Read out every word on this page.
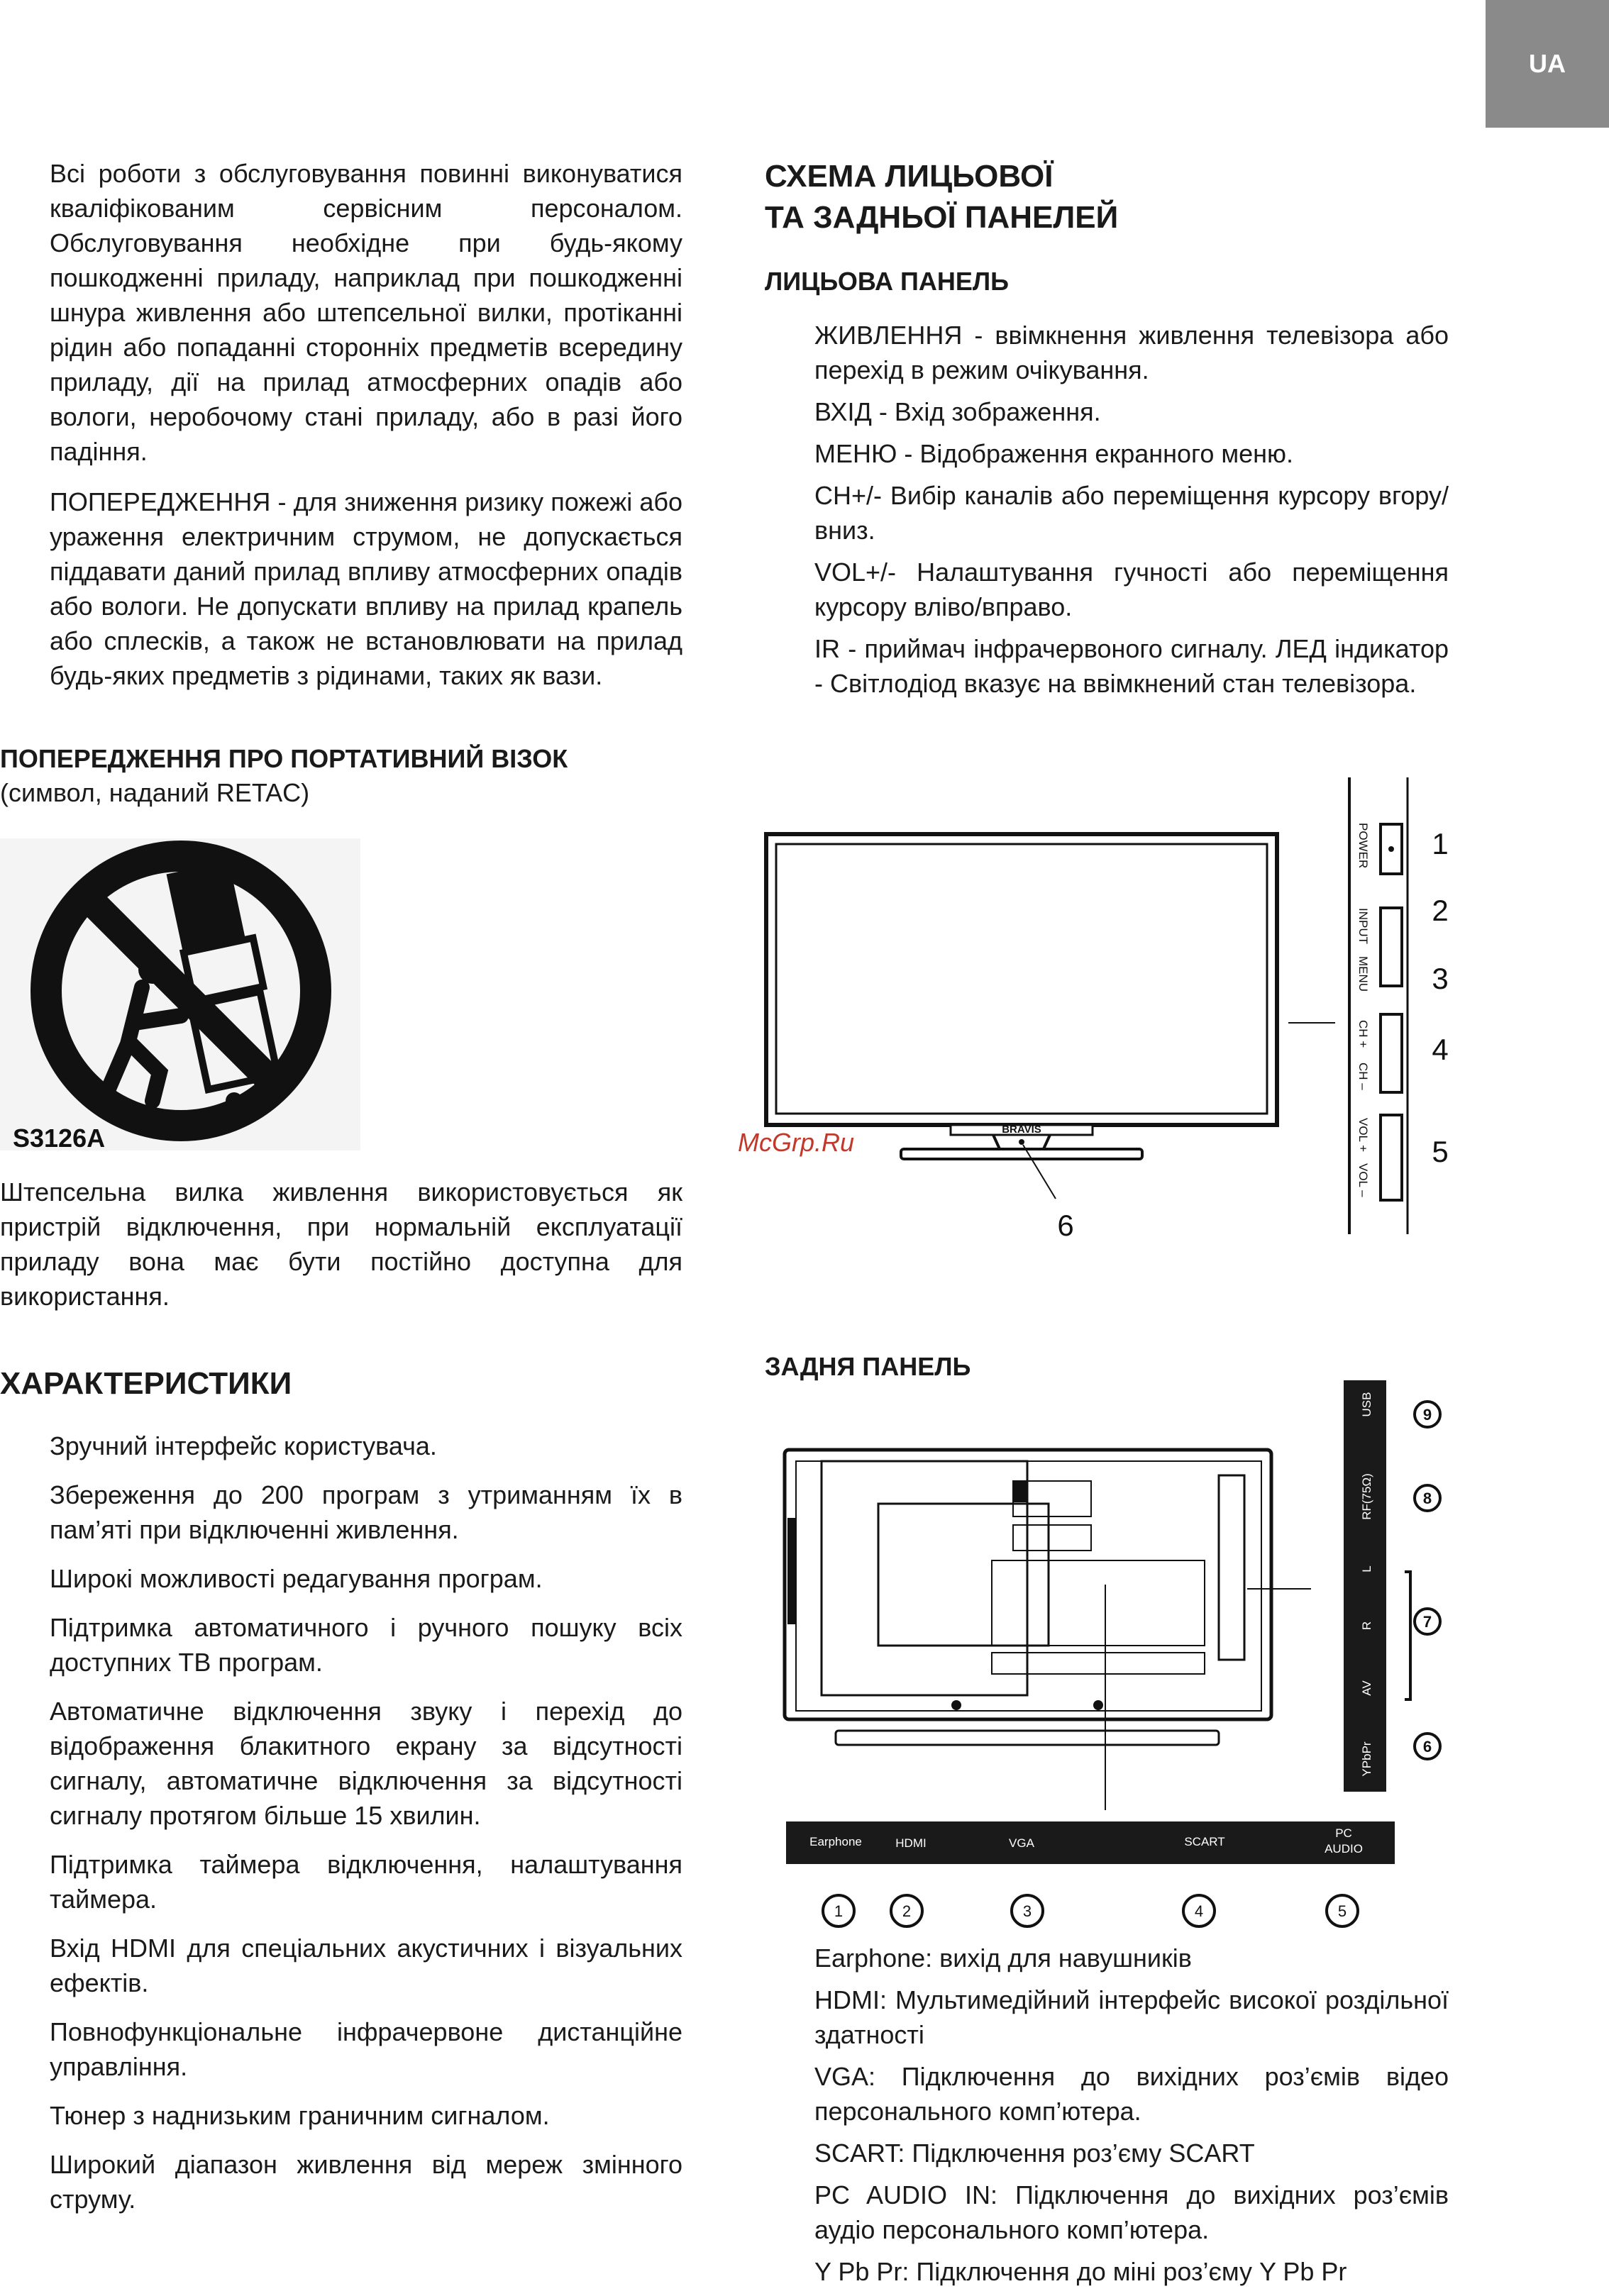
UA

Всі роботи з обслуговування повинні виконуватися кваліфікованим сервісним персоналом. Обслуговування необхідне при будь-якому пошкодженні приладу, наприклад при пошкодженні шнура живлення або штепсельної вилки, протіканні рідин або попаданні сторонніх предметів всередину приладу, дії на прилад атмосферних опадів або вологи, неробочому стані приладу, або в разі його падіння.

ПОПЕРЕДЖЕННЯ - для зниження ризику пожежі або ураження електричним струмом, не допускається піддавати даний прилад впливу атмосферних опадів або вологи. Не допускати впливу на прилад крапель або сплесків, а також не встановлювати на прилад будь-яких предметів з рідинами, таких як вази.

ПОПЕРЕДЖЕННЯ ПРО ПОРТАТИВНИЙ ВІЗОК

(символ, наданий RETAC)

S3126A

Штепсельна вилка живлення використовується як пристрій відключення, при нормальній експлуатації приладу вона має бути постійно доступна для використання.

ХАРАКТЕРИСТИКИ

Зручний інтерфейс користувача.

Збереження до 200 програм з утриманням їх в пам’яті при відключенні живлення.

Широкі можливості редагування програм.

Підтримка автоматичного і ручного пошуку всіх доступних ТВ програм.

Автоматичне відключення звуку і перехід до відображення блакитного екрану за відсутності сигналу, автоматичне відключення за відсутності сигналу протягом більше 15 хвилин.

Підтримка таймера відключення, налаштування таймера.

Вхід HDMI для спеціальних акустичних і візуальних ефектів.

Повнофункціональне інфрачервоне дистанційне управління.

Тюнер з наднизьким граничним сигналом.

Широкий діапазон живлення від мереж змінного струму.

СХЕМА ЛИЦЬОВОЇ

ТА ЗАДНЬОЇ ПАНЕЛЕЙ

ЛИЦЬОВА ПАНЕЛЬ

ЖИВЛЕННЯ - ввімкнення живлення телевізора або перехід в режим очікування.

ВХІД - Вхід зображення.

МЕНЮ - Відображення екранного меню.

CH+/- Вибір каналів або переміщення курсору вгору/вниз.

VOL+/- Налаштування гучності або переміщення курсору вліво/вправо.

IR - приймач інфрачервоного сигналу. ЛЕД індикатор - Світлодіод вказує на ввімкнений стан телевізора.

BRAVIS
6
POWER
INPUT
MENU
CH +
CH –
VOL +
VOL –
1
2
3
4
5
McGrp.Ru

ЗАДНЯ ПАНЕЛЬ

USB
RF(75Ω)
L
R
AV
YPbPr
9
8
7
6
Earphone	HDMI	VGA	SCART
PC
AUDIO
1	2	3	4	5

Earphone: вихід для навушників

HDMI: Мультимедійний інтерфейс високої роздільної здатності

VGA: Підключення до вихідних роз’ємів відео персонального комп’ютера.

SCART: Підключення роз’єму SCART

PC AUDIO IN: Підключення до вихідних роз’ємів аудіо персонального комп’ютера.

Y Pb Pr: Підключення до міні роз’єму Y Pb Pr
